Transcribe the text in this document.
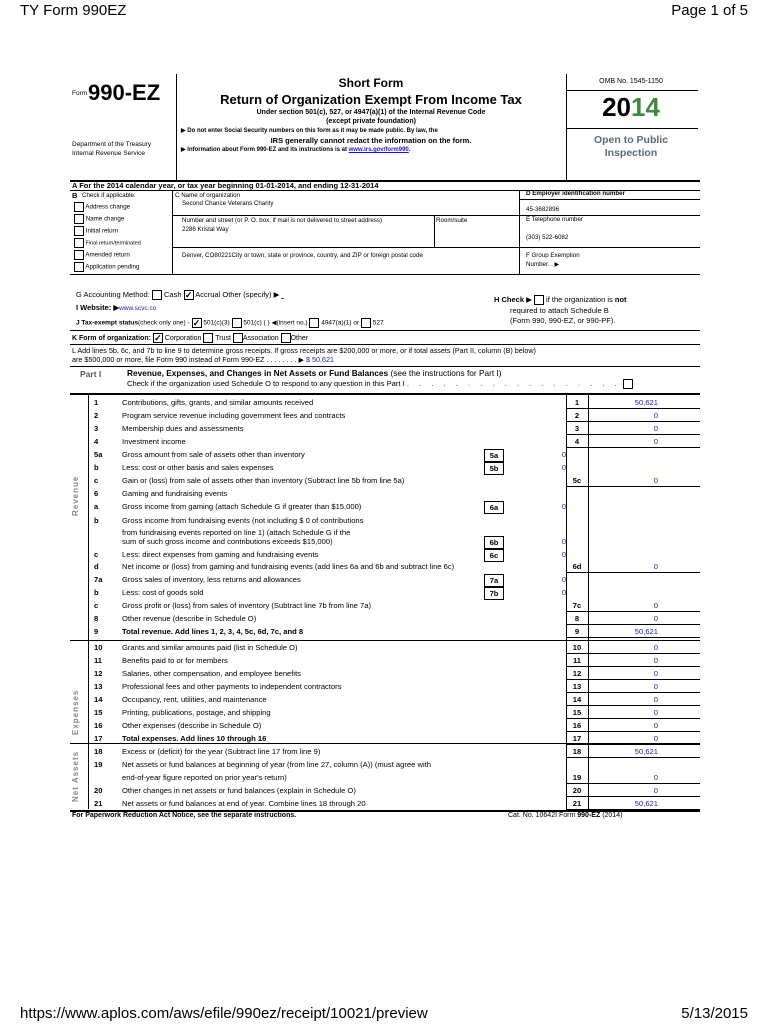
TY Form 990EZ	Page 1 of 5
Form 990-EZ
Department of the Treasury
Internal Revenue Service
Short Form
Return of Organization Exempt From Income Tax
Under section 501(c), 527, or 4947(a)(1) of the Internal Revenue Code
(except private foundation)
▶ Do not enter Social Security numbers on this form as it may be made public. By law, the
IRS generally cannot redact the information on the form.
▶ Information about Form 990-EZ and its instructions is at www.irs.gov/form990.
OMB No. 1545-1150
2014
Open to Public
Inspection
A For the 2014 calendar year, or tax year beginning 01-01-2014, and ending 12-31-2014
B Check if applicable:
Address change
Name change
Initial return
Final return/terminated
Amended return
Application pending
C Name of organization
Second Chance Veterans Charity
Number and street (or P. O. box, if mail is not delivered to street address)	Room/suite
2286 Kristal Way
Denver, CO80221City or town, state or province, country, and ZIP or foreign postal code
D Employer identification number
45-3682896
E Telephone number
(303) 522-6082
F Group Exemption
Number. . ▶
G Accounting Method: Cash ✓ Accrual Other (specify) ▶
I Website: ▶www.scvc.co
J Tax-exempt status(check only one) - ✓ 501(c)(3) 501(c) ( ) ◀(insert no.) 4947(a)(1) or 527
H Check ▶  if the organization is not
required to attach Schedule B
(Form 990, 990-EZ, or 990-PF).
K Form of organization: ✓ Corporation Trust Association Other
L Add lines 5b, 6c, and 7b to line 9 to determine gross receipts. If gross receipts are $200,000 or more, or if total assets (Part II, column (B) below)
are $500,000 or more, file Form 990 instead of Form 990-EZ . . . . . . . . ▶ $ 50,621
Part I	Revenue, Expenses, and Changes in Net Assets or Fund Balances (see the instructions for Part I)
Check if the organization used Schedule O to respond to any question in this Part I . . . . . . . . . . . . . . . . . .
Revenue
Expenses
Net Assets
1	Contributions, gifts, grants, and similar amounts received	1	50,621
2	Program service revenue including government fees and contracts	2	0
3	Membership dues and assessments	3	0
4	Investment income	4	0
5a	Gross amount from sale of assets other than inventory	5a	0
b	Less: cost or other basis and sales expenses	5b	0
c	Gain or (loss) from sale of assets other than inventory (Subtract line 5b from line 5a)	5c	0
6	Gaming and fundraising events
a	Gross income from gaming (attach Schedule G if greater than $15,000)	6a	0
b	Gross income from fundraising events (not including $ 0 of contributions
from fundraising events reported on line 1) (attach Schedule G if the
sum of such gross income and contributions exceeds $15,000)	6b	0
c	Less: direct expenses from gaming and fundraising events	6c	0
d	Net income or (loss) from gaming and fundraising events (add lines 6a and 6b and subtract line 6c)	6d	0
7a	Gross sales of inventory, less returns and allowances	7a	0
b	Less: cost of goods sold	7b	0
c	Gross profit or (loss) from sales of inventory (Subtract line 7b from line 7a)	7c	0
8	Other revenue (describe in Schedule O)	8	0
9	Total revenue. Add lines 1, 2, 3, 4, 5c, 6d, 7c, and 8	9	50,621
10	Grants and similar amounts paid (list in Schedule O)	10	0
11	Benefits paid to or for members	11	0
12	Salaries, other compensation, and employee benefits	12	0
13	Professional fees and other payments to independent contractors	13	0
14	Occupancy, rent, utilities, and maintenance	14	0
15	Printing, publications, postage, and shipping	15	0
16	Other expenses (describe in Schedule O)	16	0
17	Total expenses. Add lines 10 through 16	17	0
18	Excess or (deficit) for the year (Subtract line 17 from line 9)	18	50,621
19	Net assets or fund balances at beginning of year (from line 27, column (A)) (must agree with
end-of-year figure reported on prior year's return)	19	0
20	Other changes in net assets or fund balances (explain in Schedule O)	20	0
21	Net assets or fund balances at end of year. Combine lines 18 through 20	21	50,621
For Paperwork Reduction Act Notice, see the separate instructions.	Cat. No. 10642I Form 990-EZ (2014)
https://www.aplos.com/aws/efile/990ez/receipt/10021/preview	5/13/2015
